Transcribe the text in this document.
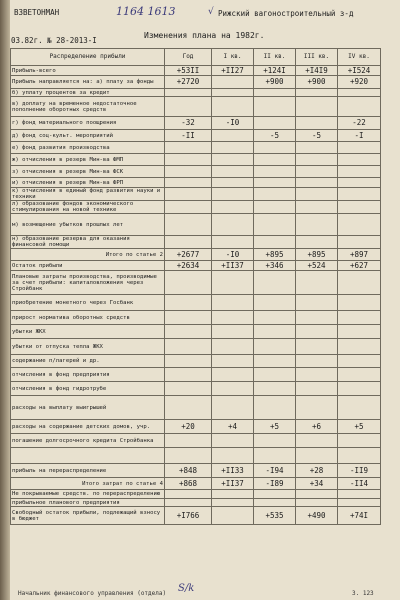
ВЗВЕТОНМАН	1164 1613	√ Рижский вагоностроительный з-д
03.82г. № 28-2013-I
Изменения плана на 1982г.
Распределение прибыли	Год	I кв.	II кв.	III кв.	IV кв.
Прибыль-всего	+53II	+II27	+124I	+I4I9	+I524
Прибыль направляется на: а) плату за фонды	+2720		+900	+900	+920
б) уплату процентов за кредит					
в) доплату на временное недостаточное пополнение оборотных средств					
г) фонд материального поощрения	-32	-I0			-22
д) фонд соц-культ. мероприятий	-II		-5	-5	-I
е) фонд развития производства					
ж) отчисления в резерв Мин-ва ФМП					
з) отчисления в резерв Мин-ва ФСК					
и) отчисления в резерв Мин-ва ФРП					
к) отчисления в единый фонд развития науки и техники					
л) образование фондов экономического стимулирования на новой технике					
м) возмещение убытков прошлых лет					
н) образование резерва для оказания финансовой помощи					
Итого по статье 2	+2677	-I0	+895	+895	+897
Остаток прибыли	+2634	+II37	+346	+524	+627
Плановые затраты производства, производимые за счет прибыли: капиталовложения через Стройбанк					
приобретение монетного через Госбанк					
прирост норматива оборотных средств					
убытки ЖКХ					
убытки от отпуска тепла ЖКХ					
содержание п/лагерей и др.					
отчисления в фонд предприятия					
отчисления в фонд гидротрубе					
расходы на выплату выигрышей					
расходы на содержание детских домов, учр.	+20	+4	+5	+6	+5
погашение долгосрочного кредита Стройбанка					

прибыль на перераспределение	+848	+II33	-I94	+28	-II9
Итого затрат по статье 4	+868	+II37	-I89	+34	-II4
Не покрываемые средств. по перераспределению					
прибыльное планового предприятия					
Свободный остаток прибыли, подлежащий взносу в бюджет	+I766		+535	+490	+74I
Начальник финансового управления (отдела) S/k	3. 123
